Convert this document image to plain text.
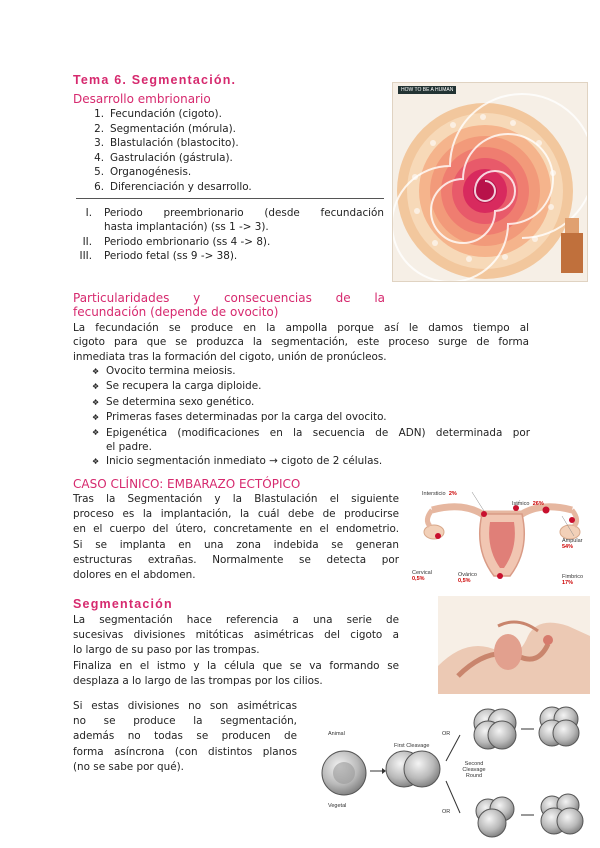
Tema 6. Segmentación.
Desarrollo embrionario
1. Fecundación (cigoto).
2. Segmentación (mórula).
3. Blastulación (blastocito).
4. Gastrulación (gástrula).
5. Organogénesis.
6. Diferenciación y desarrollo.
I. Periodo preembrionario (desde fecundación
hasta implantación) (ss 1 -> 3).
II. Periodo embrionario (ss 4 -> 8).
III. Periodo fetal (ss 9 -> 38).
HOW TO BE A HUMAN
Particularidades y consecuencias de la
fecundación (depende de ovocito)
La fecundación se produce en la ampolla porque así le damos tiempo al
cigoto para que se produzca la segmentación, este proceso surge de forma
inmediata tras la formación del cigoto, unión de pronúcleos.
❖ Ovocito termina meiosis.
❖ Se recupera la carga diploide.
❖ Se determina sexo genético.
❖ Primeras fases determinadas por la carga del ovocito.
❖ Epigenética (modificaciones en la secuencia de ADN) determinada por
el padre.
❖ Inicio segmentación inmediato → cigoto de 2 células.
CASO CLÍNICO: EMBARAZO ECTÓPICO
Tras la Segmentación y la Blastulación el siguiente
proceso es la implantación, la cuál debe de producirse
en el cuerpo del útero, concretamente en el endometrio.
Si se implanta en una zona indebida se generan
estructuras extrañas. Normalmente se detecta por
dolores en el abdomen.
Intersticio 2%
Istmico 26%
Ampular
54%
Cervical
0,5%
Ovárico
0,5%
Fimbrico
17%
Segmentación
La segmentación hace referencia a una serie de
sucesivas divisiones mitóticas asimétricas del cigoto a
lo largo de su paso por las trompas.
Finaliza en el istmo y la célula que se va formando se
desplaza a lo largo de las trompas por los cilios.
Si estas divisiones no son asimétricas
no se produce la segmentación,
además no todas se producen de
forma asíncrona (con distintos planos
(no se sabe por qué).
Animal
Vegetal
First Cleavage
Second Cleavage Round
OR
OR
